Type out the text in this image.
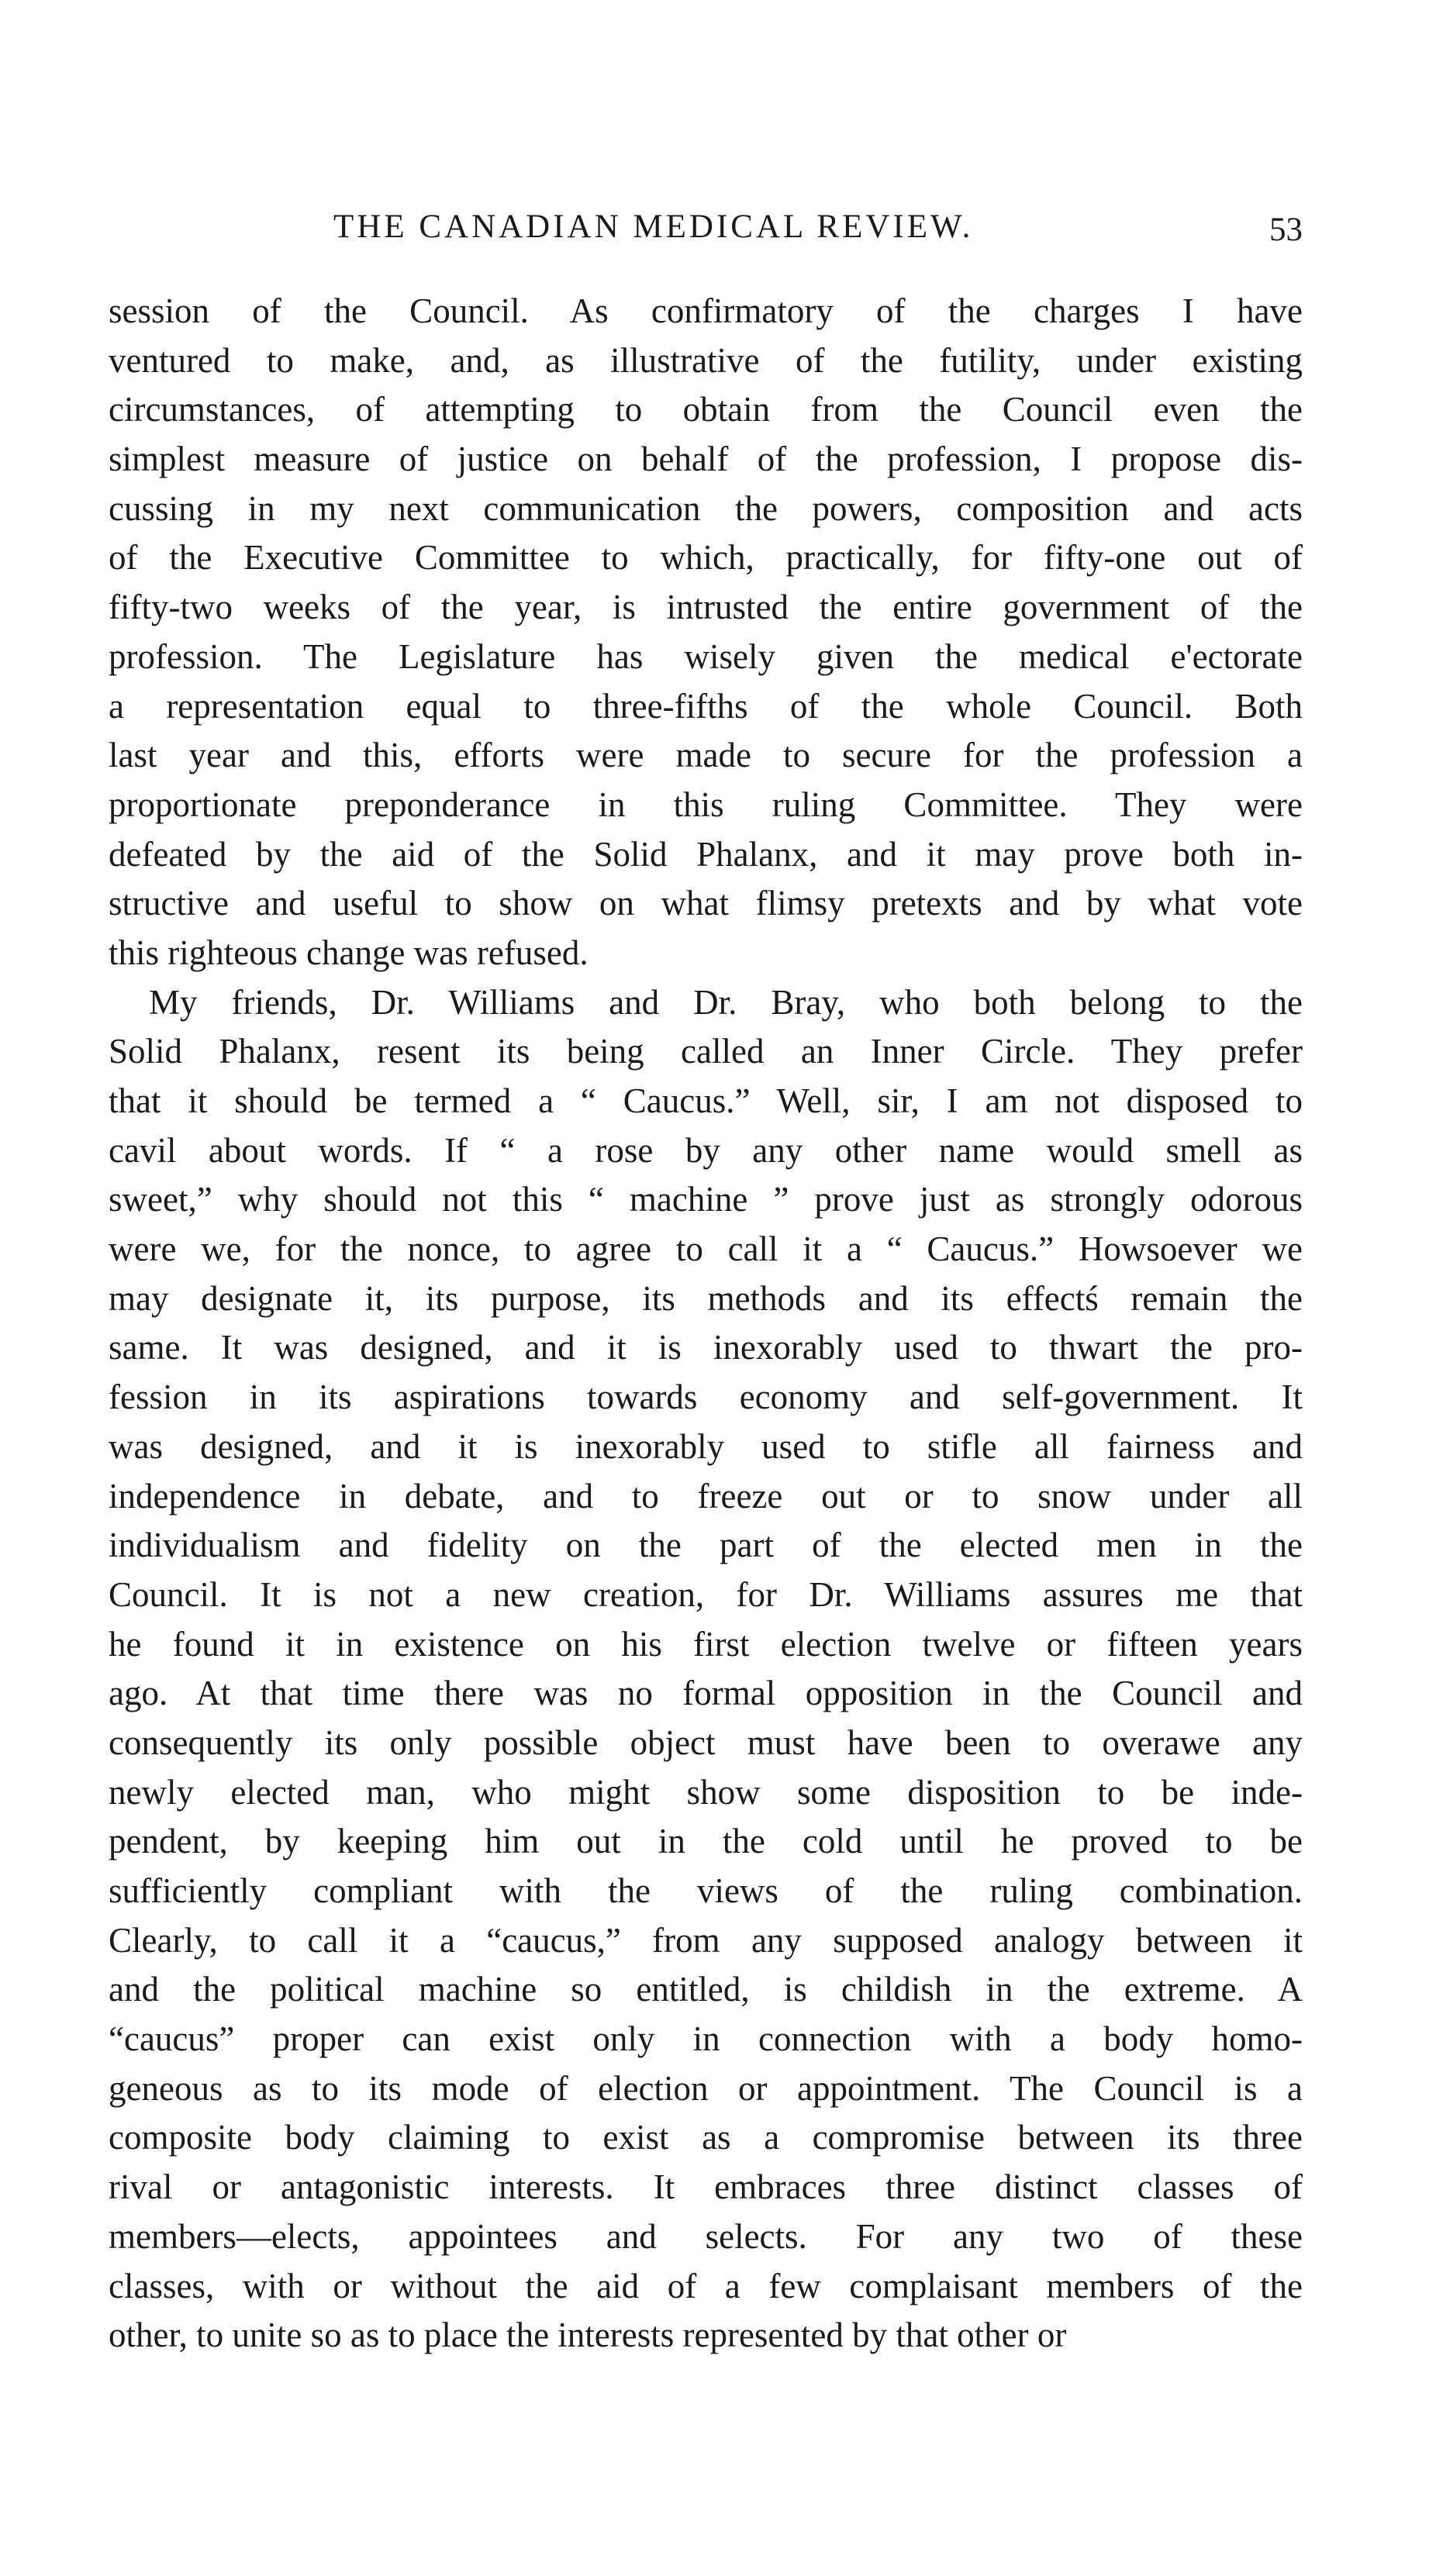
THE CANADIAN MEDICAL REVIEW.	53
session of the Council. As confirmatory of the charges I have
ventured to make, and, as illustrative of the futility, under existing
circumstances, of attempting to obtain from the Council even the
simplest measure of justice on behalf of the profession, I propose dis-
cussing in my next communication the powers, composition and acts
of the Executive Committee to which, practically, for fifty-one out of
fifty-two weeks of the year, is intrusted the entire government of the
profession. The Legislature has wisely given the medical e'ectorate
a representation equal to three-fifths of the whole Council. Both
last year and this, efforts were made to secure for the profession a
proportionate preponderance in this ruling Committee. They were
defeated by the aid of the Solid Phalanx, and it may prove both in-
structive and useful to show on what flimsy pretexts and by what vote
this righteous change was refused.
My friends, Dr. Williams and Dr. Bray, who both belong to the
Solid Phalanx, resent its being called an Inner Circle. They prefer
that it should be termed a “ Caucus.” Well, sir, I am not disposed to
cavil about words. If “ a rose by any other name would smell as
sweet,” why should not this “ machine ” prove just as strongly odorous
were we, for the nonce, to agree to call it a “ Caucus.” Howsoever we
may designate it, its purpose, its methods and its effectś remain the
same. It was designed, and it is inexorably used to thwart the pro-
fession in its aspirations towards economy and self-government. It
was designed, and it is inexorably used to stifle all fairness and
independence in debate, and to freeze out or to snow under all
individualism and fidelity on the part of the elected men in the
Council. It is not a new creation, for Dr. Williams assures me that
he found it in existence on his first election twelve or fifteen years
ago. At that time there was no formal opposition in the Council and
consequently its only possible object must have been to overawe any
newly elected man, who might show some disposition to be inde-
pendent, by keeping him out in the cold until he proved to be
sufficiently compliant with the views of the ruling combination.
Clearly, to call it a “caucus,” from any supposed analogy between it
and the political machine so entitled, is childish in the extreme. A
“caucus” proper can exist only in connection with a body homo-
geneous as to its mode of election or appointment. The Council is a
composite body claiming to exist as a compromise between its three
rival or antagonistic interests. It embraces three distinct classes of
members—elects, appointees and selects. For any two of these
classes, with or without the aid of a few complaisant members of the
other, to unite so as to place the interests represented by that other or
